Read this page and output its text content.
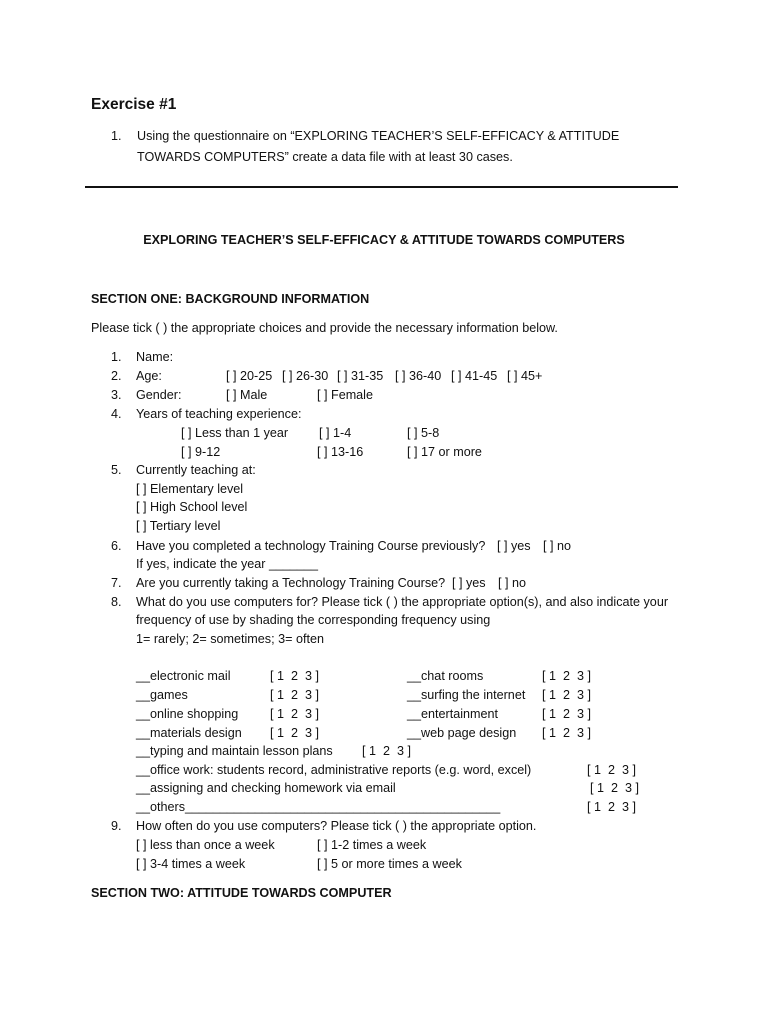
Exercise #1
1. Using the questionnaire on “EXPLORING TEACHER’S SELF-EFFICACY & ATTITUDE
TOWARDS COMPUTERS” create a data file with at least 30 cases.
EXPLORING TEACHER’S SELF-EFFICACY & ATTITUDE TOWARDS COMPUTERS
SECTION ONE: BACKGROUND INFORMATION
Please tick ( ) the appropriate choices and provide the necessary information below.
1. Name:
2. Age:	[ ] 20-25 [ ] 26-30 [ ] 31-35 [ ] 36-40 [ ] 41-45 [ ] 45+
3. Gender:	[ ] Male	[ ] Female
4. Years of teaching experience:
[ ] Less than 1 year [ ] 1-4	[ ] 5-8
[ ] 9-12	[ ] 13-16	[ ] 17 or more
5. Currently teaching at:
[ ] Elementary level
[ ] High School level
[ ] Tertiary level
6. Have you completed a technology Training Course previously? [ ] yes [ ] no
If yes, indicate the year _______
7. Are you currently taking a Technology Training Course? [ ] yes [ ] no
8. What do you use computers for? Please tick ( ) the appropriate option(s), and also indicate your
frequency of use by shading the corresponding frequency using
1= rarely; 2= sometimes; 3= often
__electronic mail	[ 1  2  3 ]	__chat rooms	[ 1  2  3 ]
__games	[ 1  2  3 ]	__surfing the internet [ 1  2  3 ]
__online shopping	[ 1  2  3 ]	__entertainment	[ 1  2  3 ]
__materials design [ 1  2  3 ]	__web page design [ 1  2  3 ]
__typing and maintain lesson plans [ 1  2  3 ]
__office work: students record, administrative reports (e.g. word, excel)	[ 1  2  3 ]
__assigning and checking homework via email	[ 1  2  3 ]
__others_____________________________________________	[ 1  2  3 ]
9. How often do you use computers? Please tick ( ) the appropriate option.
[ ] less than once a week	[ ] 1-2 times a week
[ ] 3-4 times a week	[ ] 5 or more times a week
SECTION TWO: ATTITUDE TOWARDS COMPUTER
